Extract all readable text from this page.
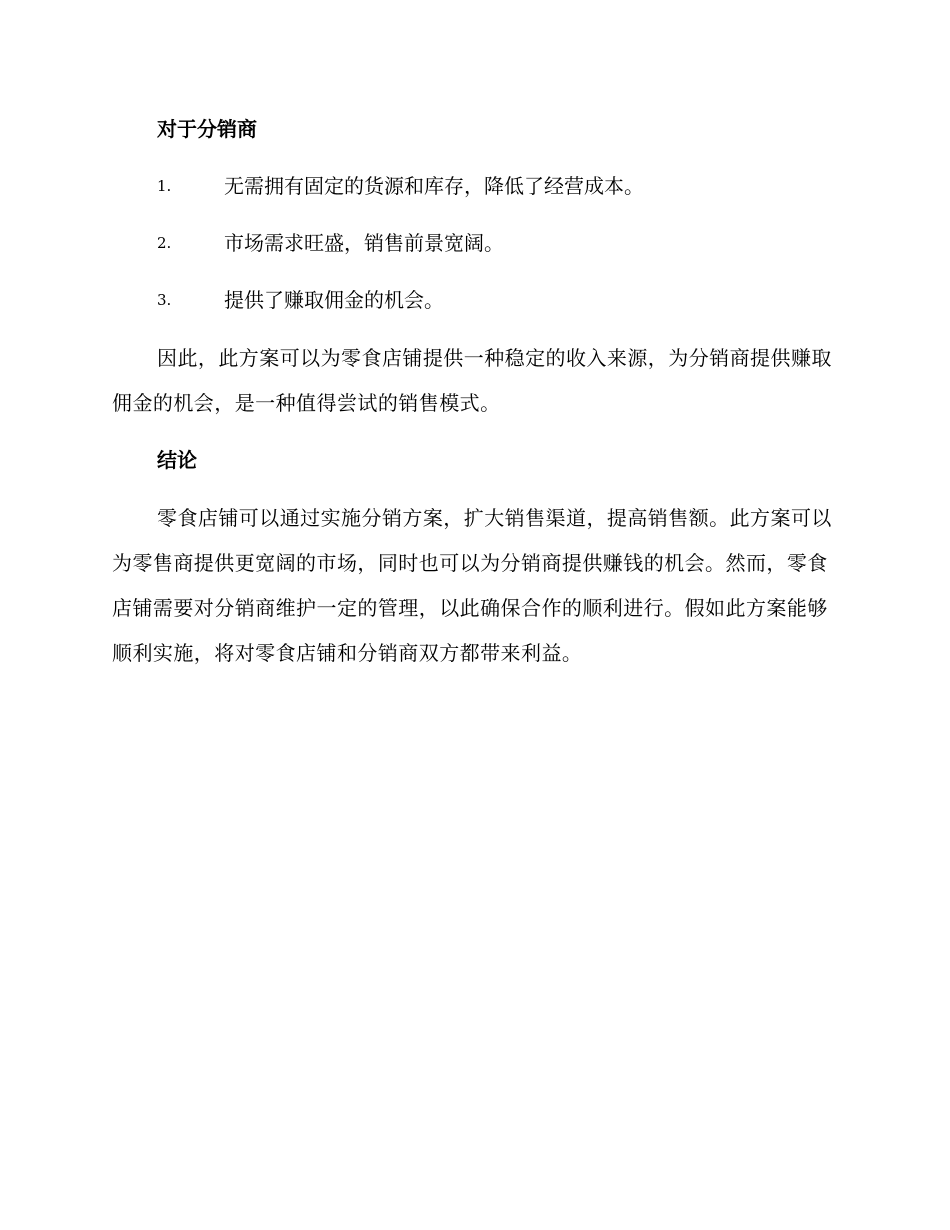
对于分销商
1.	无需拥有固定的货源和库存，降低了经营成本。
2.	市场需求旺盛，销售前景宽阔。
3.	提供了赚取佣金的机会。

因此，此方案可以为零食店铺提供一种稳定的收入来源，为分销商提供赚取佣金的机会，是一种值得尝试的销售模式。

结论

零食店铺可以通过实施分销方案，扩大销售渠道，提高销售额。此方案可以为零售商提供更宽阔的市场，同时也可以为分销商提供赚钱的机会。然而，零食店铺需要对分销商维护一定的管理，以此确保合作的顺利进行。假如此方案能够顺利实施，将对零食店铺和分销商双方都带来利益。
